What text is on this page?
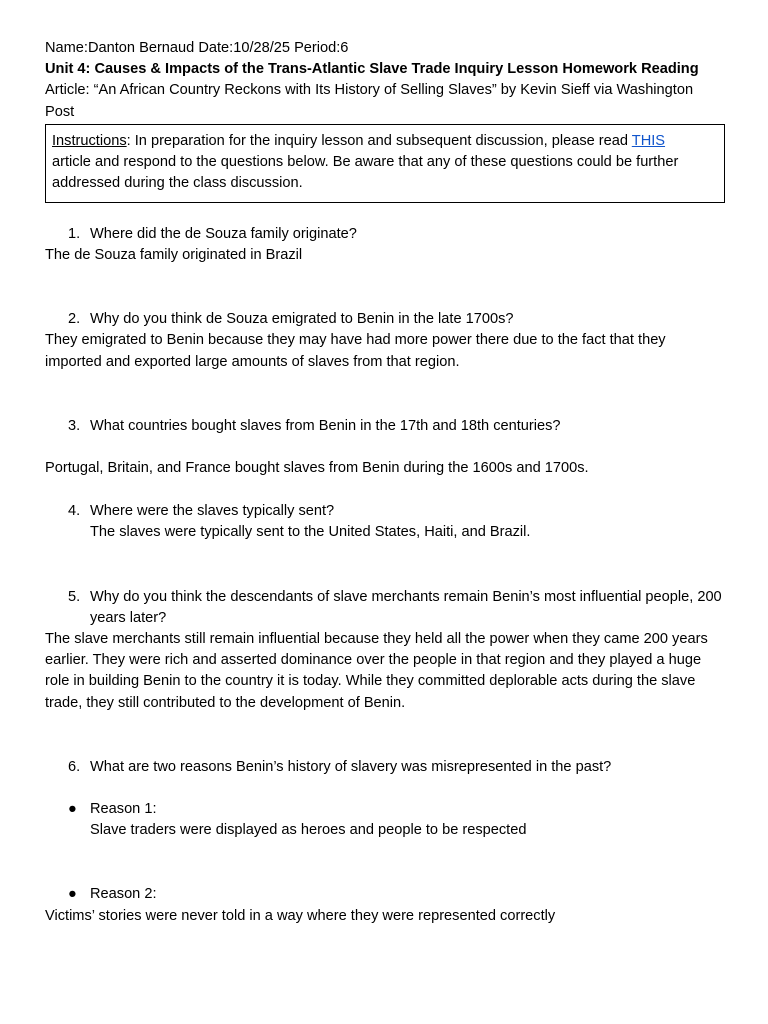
Name:Danton Bernaud Date:10/28/25 Period:6

Unit 4: Causes & Impacts of the Trans-Atlantic Slave Trade Inquiry Lesson Homework Reading

Article: “An African Country Reckons with Its History of Selling Slaves” by Kevin Sieff via Washington

Post

Instructions: In preparation for the inquiry lesson and subsequent discussion, please read THIS
article and respond to the questions below. Be aware that any of these questions could be further addressed during the class discussion.
1. Where did the de Souza family originate?

The de Souza family originated in Brazil

2. Why do you think de Souza emigrated to Benin in the late 1700s?

They emigrated to Benin because they may have had more power there due to the fact that they imported and exported large amounts of slaves from that region.

3. What countries bought slaves from Benin in the 17th and 18th centuries?

Portugal, Britain, and France bought slaves from Benin during the 1600s and 1700s.

4. Where were the slaves typically sent?

The slaves were typically sent to the United States, Haiti, and Brazil.

5. Why do you think the descendants of slave merchants remain Benin’s most influential people, 200 years later?

The slave merchants still remain influential because they held all the power when they came 200 years earlier. They were rich and asserted dominance over the people in that region and they played a huge role in building Benin to the country it is today. While they committed deplorable acts during the slave trade, they still contributed to the development of Benin.

6. What are two reasons Benin’s history of slavery was misrepresented in the past?
● Reason 1:

Slave traders were displayed as heroes and people to be respected

● Reason 2:

Victims’ stories were never told in a way where they were represented correctly
